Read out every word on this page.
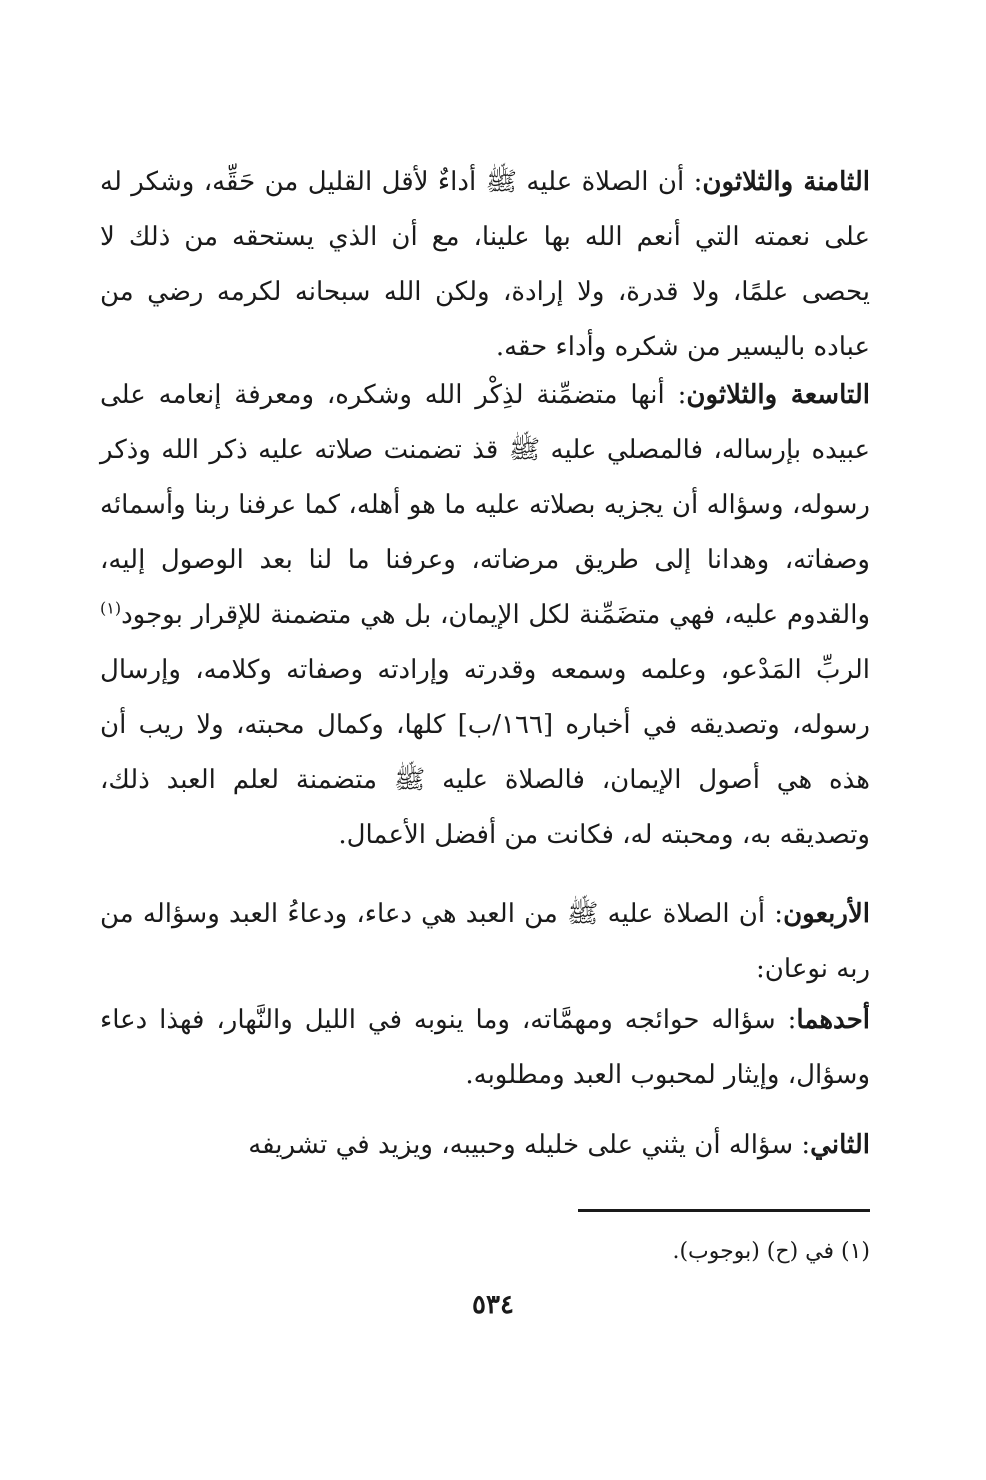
الثامنة والثلاثون: أن الصلاة عليه ﷺ أداءٌ لأقل القليل من حَقِّه، وشكر له على نعمته التي أنعم الله بها علينا، مع أن الذي يستحقه من ذلك لا يحصى علمًا، ولا قدرة، ولا إرادة، ولكن الله سبحانه لكرمه رضي من عباده باليسير من شكره وأداء حقه.

التاسعة والثلاثون: أنها متضمِّنة لذِكْر الله وشكره، ومعرفة إنعامه على عبيده بإرساله، فالمصلي عليه ﷺ قذ تضمنت صلاته عليه ذكر الله وذكر رسوله، وسؤاله أن يجزيه بصلاته عليه ما هو أهله، كما عرفنا ربنا وأسمائه وصفاته، وهدانا إلى طريق مرضاته، وعرفنا ما لنا بعد الوصول إليه، والقدوم عليه، فهي متضَمِّنة لكل الإيمان، بل هي متضمنة للإقرار بوجود$^{(١)}$ الربِّ المَدْعو، وعلمه وسمعه وقدرته وإرادته وصفاته وكلامه، وإرسال رسوله، وتصديقه في أخباره [١٦٦/ب] كلها، وكمال محبته، ولا ريب أن هذه هي أصول الإيمان، فالصلاة عليه ﷺ متضمنة لعلم العبد ذلك، وتصديقه به، ومحبته له، فكانت من أفضل الأعمال.

الأربعون: أن الصلاة عليه ﷺ من العبد هي دعاء، ودعاءُ العبد وسؤاله من ربه نوعان:

أحدهما: سؤاله حوائجه ومهمَّاته، وما ينوبه في الليل والنَّهار، فهذا دعاء وسؤال، وإيثار لمحبوب العبد ومطلوبه.

الثاني: سؤاله أن يثني على خليله وحبيبه، ويزيد في تشريفه

(١) في (ح) (بوجوب).
٥٣٤
